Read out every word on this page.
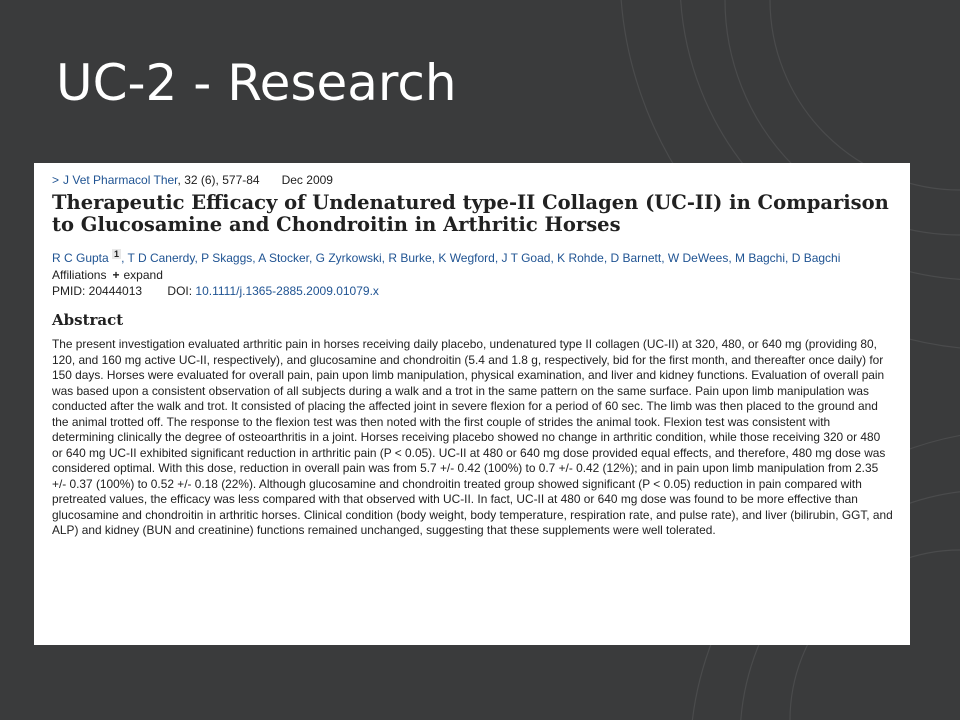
UC-2 - Research

> J Vet Pharmacol Ther, 32 (6), 577-84 Dec 2009

Therapeutic Efficacy of Undenatured type-II Collagen (UC-II) in Comparison to Glucosamine and Chondroitin in Arthritic Horses

R C Gupta $^1$ , T D Canerdy, P Skaggs, A Stocker, G Zyrkowski, R Burke, K Wegford, J T Goad, K Rohde, D Barnett, W DeWees, M Bagchi, D Bagchi

Affiliations + expand

PMID: 20444013 DOI: 10.1111/j.1365-2885.2009.01079.x

Abstract

The present investigation evaluated arthritic pain in horses receiving daily placebo, undenatured type II collagen (UC-II) at 320, 480, or 640 mg (providing 80, 120, and 160 mg active UC-II, respectively), and glucosamine and chondroitin (5.4 and 1.8 g, respectively, bid for the first month, and thereafter once daily) for 150 days. Horses were evaluated for overall pain, pain upon limb manipulation, physical examination, and liver and kidney functions. Evaluation of overall pain was based upon a consistent observation of all subjects during a walk and a trot in the same pattern on the same surface. Pain upon limb manipulation was conducted after the walk and trot. It consisted of placing the affected joint in severe flexion for a period of 60 sec. The limb was then placed to the ground and the animal trotted off. The response to the flexion test was then noted with the first couple of strides the animal took. Flexion test was consistent with determining clinically the degree of osteoarthritis in a joint. Horses receiving placebo showed no change in arthritic condition, while those receiving 320 or 480 or 640 mg UC-II exhibited significant reduction in arthritic pain (P < 0.05). UC-II at 480 or 640 mg dose provided equal effects, and therefore, 480 mg dose was considered optimal. With this dose, reduction in overall pain was from 5.7 +/- 0.42 (100%) to 0.7 +/- 0.42 (12%); and in pain upon limb manipulation from 2.35 +/- 0.37 (100%) to 0.52 +/- 0.18 (22%). Although glucosamine and chondroitin treated group showed significant (P < 0.05) reduction in pain compared with pretreated values, the efficacy was less compared with that observed with UC-II. In fact, UC-II at 480 or 640 mg dose was found to be more effective than glucosamine and chondroitin in arthritic horses. Clinical condition (body weight, body temperature, respiration rate, and pulse rate), and liver (bilirubin, GGT, and ALP) and kidney (BUN and creatinine) functions remained unchanged, suggesting that these supplements were well tolerated.
